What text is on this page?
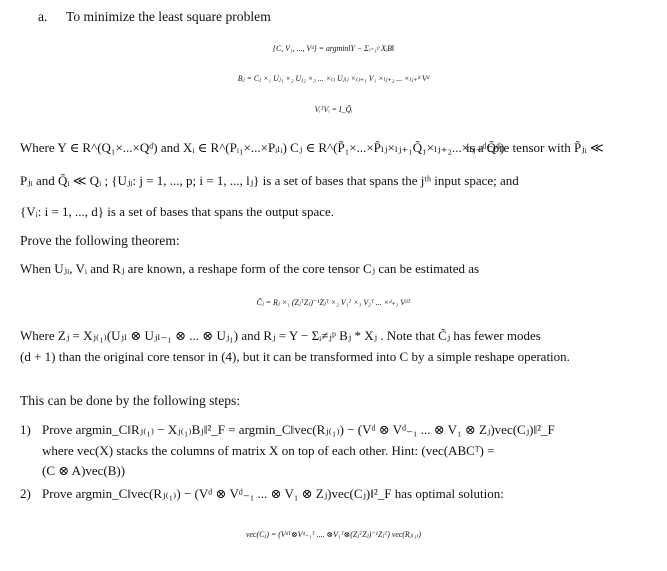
a. To minimize the least square problem
{C, V₁, ..., Vᵈ} = argmin‖Y − Σᵢ₌₁ᵖ XᵢB‖
Bⱼ = Cⱼ ×₁ Uⱼ₁ ×₂ Uⱼ₂ ×₃ ... ×ₗⱼ Uⱼₗⱼ ×ₗⱼ₊₁ V₁ ×ₗⱼ₊₂ ... ×ₗⱼ₊ᵈ Vᵈ
VᵢᵀVᵢ = I_Q̃ᵢ
Where Y ∈ R^(Q₁×...×Qᵈ) and Xᵢ ∈ R^(Pᵢ₁×...×Pᵢₗᵢ) Cⱼ ∈ R^(P̃₁×...×P̃ₗⱼ×ₗⱼ₊₁Q̃₁×ₗⱼ₊₂...×ₗⱼ₊ᵈQ̃ᵈ)
is a core tensor with P̃ⱼᵢ ≪
Pⱼᵢ and Q̃ᵢ ≪ Qᵢ ; {Uⱼᵢ: j = 1, ..., p; i = 1, ..., lⱼ} is a set of bases that spans the jᵗʰ input space; and
{Vᵢ: i = 1, ..., d} is a set of bases that spans the output space.
Prove the following theorem:
When Uⱼᵢ, Vᵢ and Rⱼ are known, a reshape form of the core tensor Cⱼ can be estimated as
C̃ⱼ = Rⱼ ×₁ (ZⱼᵀZⱼ)⁻¹Zⱼᵀ ×₂ V₁ᵀ ×₃ V₂ᵀ ... ×ᵈ₊₁ Vᵈᵀ
Where Zⱼ = Xⱼ₍₁₎(Uⱼₗ ⊗ Uⱼₗ₋₁ ⊗ ... ⊗ Uⱼ₁) and Rⱼ = Y − Σᵢ≠ⱼᵖ Bⱼ * Xⱼ . Note that C̃ⱼ has fewer modes
(d + 1) than the original core tensor in (4), but it can be transformed into C by a simple reshape operation.
This can be done by the following steps:
1) Prove argmin_C‖Rⱼ₍₁₎ − Xⱼ₍₁₎Bⱼ‖²_F = argmin_C‖vec(Rⱼ₍₁₎) − (Vᵈ ⊗ Vᵈ₋₁ ... ⊗ V₁ ⊗ Zⱼ)vec(Cⱼ)‖²_F
where vec(X) stacks the columns of matrix X on top of each other. Hint: (vec(ABCᵀ) =
(C ⊗ A)vec(B))
2) Prove argmin_C‖vec(Rⱼ₍₁₎) − (Vᵈ ⊗ Vᵈ₋₁ ... ⊗ V₁ ⊗ Zⱼ)vec(Cⱼ)‖²_F has optimal solution:
vec(Cⱼ) = (Vᵈᵀ⊗Vᵈ₋₁ᵀ .... ⊗V₁ᵀ⊗(ZⱼᵀZⱼ)⁻¹Zⱼᵀ) vec(Rⱼ₍₁₎)
